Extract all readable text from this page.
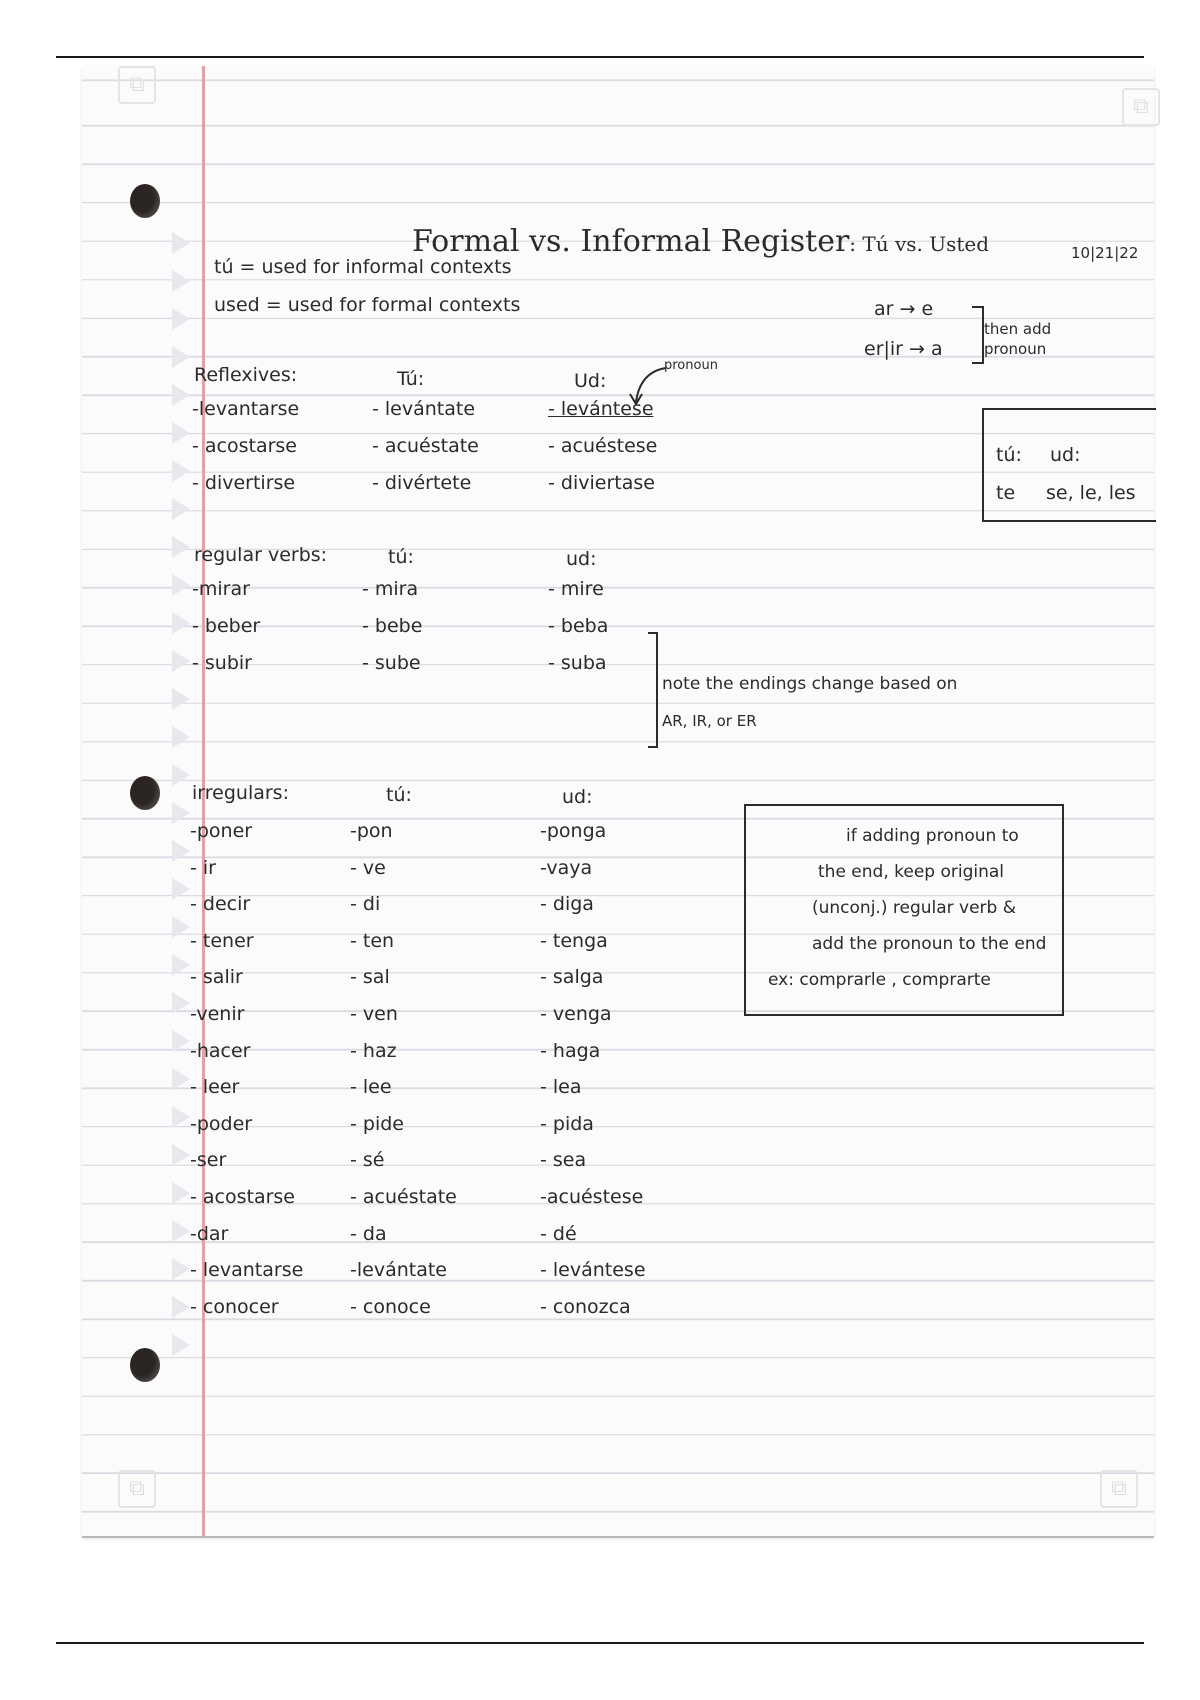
⧉
⧉
⧉	⧉
Formal vs. Informal Register: Tú vs. Usted	10|21|22
tú = used for informal contexts
used = used for formal contexts	ar → e
er|ir → a
then add
pronoun
tú: ud:
te se, le, les
Reflexives:	Tú:	Ud:
pronoun
-levantarse	- levántate	- levántese
- acostarse	- acuéstate	- acuéstese
- divertirse	- divértete	- diviertase
regular verbs:	tú:	ud:
-mirar	- mira	- mire
- beber	- bebe	- beba
- subir	- sube	- suba
note the endings change based on
AR, IR, or ER
irregulars:	tú:	ud:
-poner	-pon	-ponga
- ir	- ve	-vaya
- decir	- di	- diga
- tener	- ten	- tenga
- salir	- sal	- salga
-venir	- ven	- venga
-hacer	- haz	- haga
- leer	- lee	- lea
-poder	- pide	- pida
-ser	- sé	- sea
- acostarse	- acuéstate	-acuéstese
-dar	- da	- dé
- levantarse -levántate	- levántese
- conocer	- conoce	- conozca
if adding pronoun to
the end, keep original
(unconj.) regular verb &
add the pronoun to the end
ex: comprarle , comprarte
